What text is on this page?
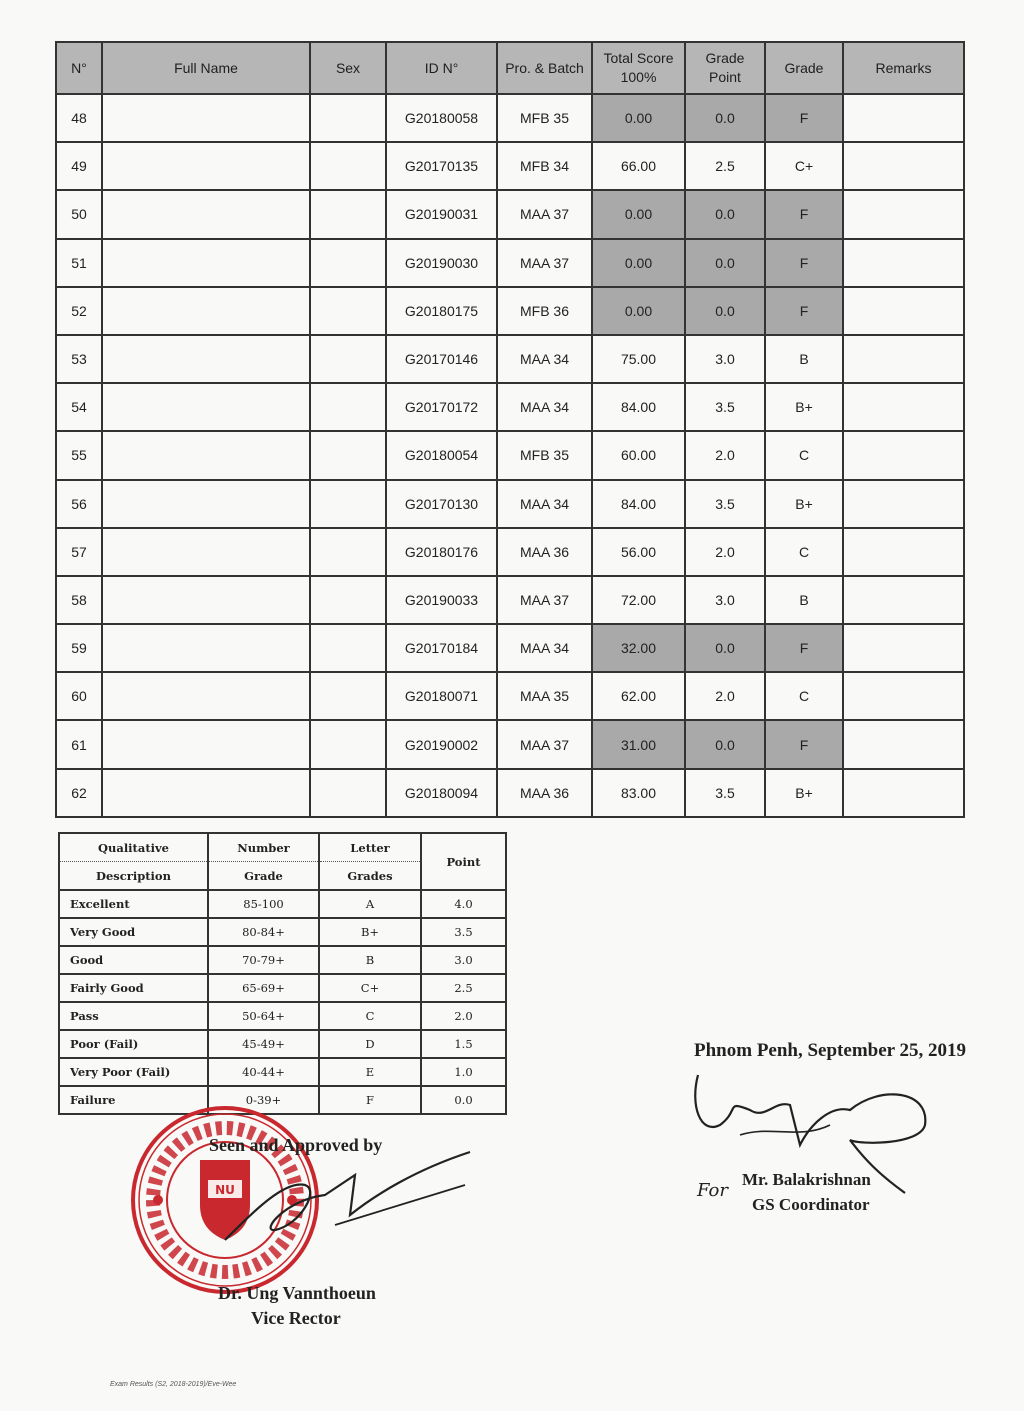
N°	Full Name	Sex	ID N°	Pro. & Batch	Total Score 100%	Grade Point	Grade	Remarks
48			G20180058	MFB 35	0.00	0.0	F	
49			G20170135	MFB 34	66.00	2.5	C+	
50			G20190031	MAA 37	0.00	0.0	F	
51			G20190030	MAA 37	0.00	0.0	F	
52			G20180175	MFB 36	0.00	0.0	F	
53			G20170146	MAA 34	75.00	3.0	B	
54			G20170172	MAA 34	84.00	3.5	B+	
55			G20180054	MFB 35	60.00	2.0	C	
56			G20170130	MAA 34	84.00	3.5	B+	
57			G20180176	MAA 36	56.00	2.0	C	
58			G20190033	MAA 37	72.00	3.0	B	
59			G20170184	MAA 34	32.00	0.0	F	
60			G20180071	MAA 35	62.00	2.0	C	
61			G20190002	MAA 37	31.00	0.0	F	
62			G20180094	MAA 36	83.00	3.5	B+	
Qualitative	Number	Letter	Point
Description	Grade	Grades	
Excellent	85-100	A	4.0
Very Good	80-84+	B+	3.5
Good	70-79+	B	3.0
Fairly Good	65-69+	C+	2.5
Pass	50-64+	C	2.0
Poor (Fail)	45-49+	D	1.5
Very Poor (Fail)	40-44+	E	1.0
Failure	0-39+	F	0.0
NU
Phnom Penh, September 25, 2019
Seen and Approved by
Dr. Ung Vannthoeun
Vice Rector
Mr. Balakrishnan
GS Coordinator
For
Exam Results (S2, 2018-2019)/Eve-Wee
